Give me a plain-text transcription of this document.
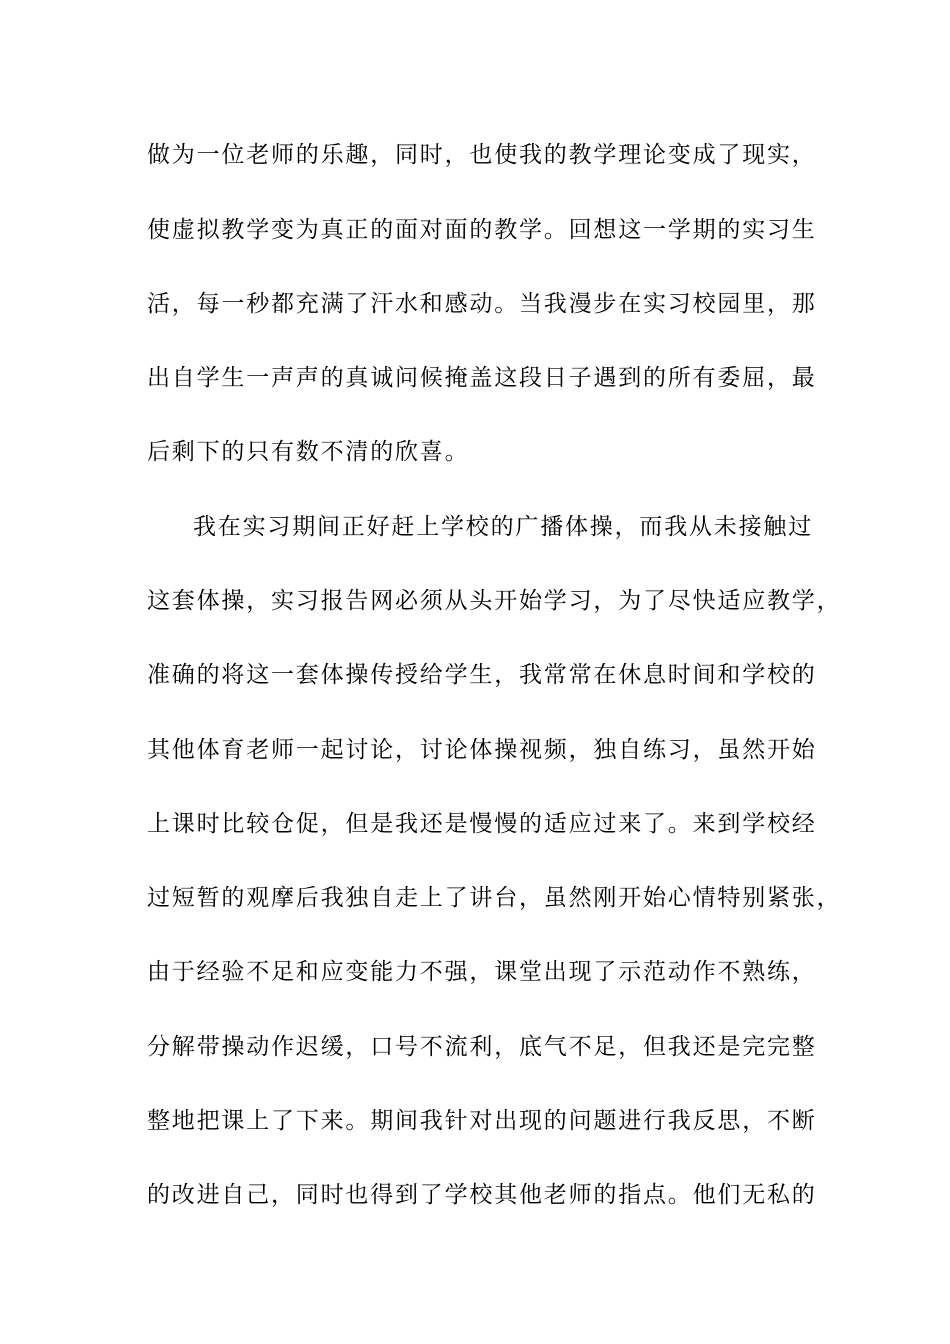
做为一位老师的乐趣，同时，也使我的教学理论变成了现实，
使虚拟教学变为真正的面对面的教学。回想这一学期的实习生
活，每一秒都充满了汗水和感动。当我漫步在实习校园里，那
出自学生一声声的真诚问候掩盖这段日子遇到的所有委屈，最
后剩下的只有数不清的欣喜。
我在实习期间正好赶上学校的广播体操，而我从未接触过
这套体操，实习报告网必须从头开始学习，为了尽快适应教学，
准确的将这一套体操传授给学生，我常常在休息时间和学校的
其他体育老师一起讨论，讨论体操视频，独自练习，虽然开始
上课时比较仓促，但是我还是慢慢的适应过来了。来到学校经
过短暂的观摩后我独自走上了讲台，虽然刚开始心情特别紧张，
由于经验不足和应变能力不强，课堂出现了示范动作不熟练，
分解带操动作迟缓，口号不流利，底气不足，但我还是完完整
整地把课上了下来。期间我针对出现的问题进行我反思，不断
的改进自己，同时也得到了学校其他老师的指点。他们无私的
